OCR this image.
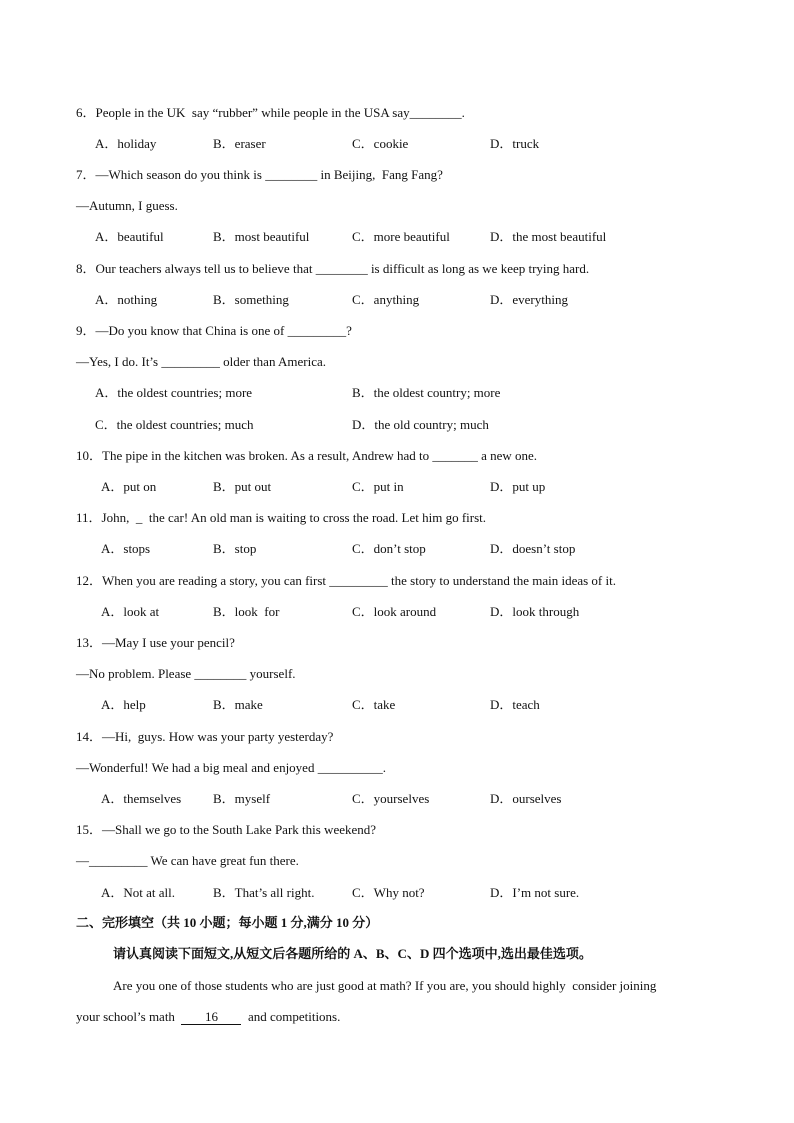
6．People in the UK  say “rubber” while people in the USA say________.
A．holiday	B．eraser	C．cookie	D．truck
7．—Which season do you think is ________ in Beijing,  Fang Fang?
—Autumn, I guess.
A．beautiful	B．most beautiful	C．more beautiful	D．the most beautiful
8．Our teachers always tell us to believe that ________ is difficult as long as we keep trying hard.
A．nothing	B．something	C．anything	D．everything
9．—Do you know that China is one of _________?
—Yes, I do. It’s _________ older than America.
A．the oldest countries; more	B．the oldest country; more
C．the oldest countries; much	D．the old country; much
10．The pipe in the kitchen was broken. As a result, Andrew had to _______ a new one.
A．put on	B．put out	C．put in	D．put up
11．John,  _  the car! An old man is waiting to cross the road. Let him go first.
A．stops	B．stop	C．don’t stop	D．doesn’t stop
12．When you are reading a story, you can first _________ the story to understand the main ideas of it.
A．look at	B．look  for	C．look around	D．look through
13．—May I use your pencil?
—No problem. Please ________ yourself.
A．help	B．make	C．take	D．teach
14．—Hi,  guys. How was your party yesterday?
—Wonderful! We had a big meal and enjoyed __________.
A．themselves B．myself	C．yourselves	D．ourselves
15．—Shall we go to the South Lake Park this weekend?
—_________ We can have great fun there.
A．Not at all.	B．That’s all right.	C．Why not?	D．I’m not sure.
二、完形填空（共 10 小题；每小题 1 分,满分 10 分）
请认真阅读下面短文,从短文后各题所给的 A、B、C、D 四个选项中,选出最佳选项。
Are you one of those students who are just good at math? If you are, you should highly  consider joining
your school’s math  16  and competitions.
